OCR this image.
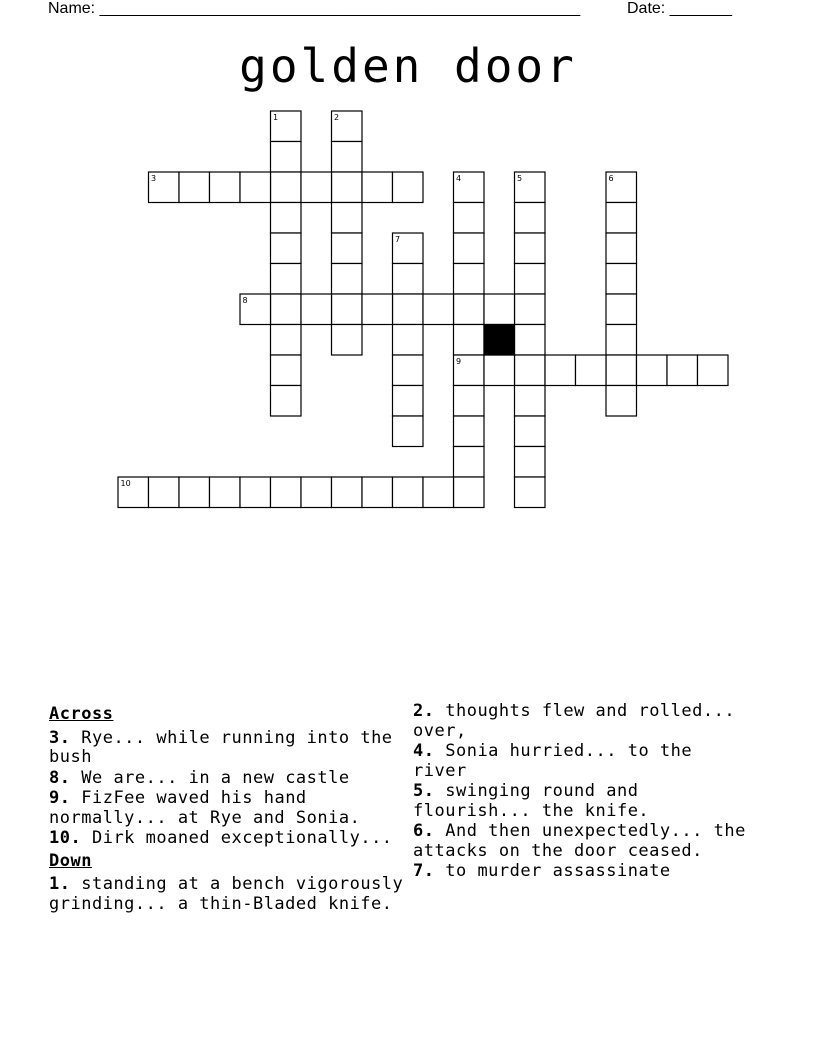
Name: ______________________________________________________	Date: _______
golden door
1	2
3	4	5	6
7
8
9
10
Across
3. Rye... while running into the bush
8. We are... in a new castle
9. FizFee waved his hand normally... at Rye and Sonia.
10. Dirk moaned exceptionally...
Down
1. standing at a bench vigorously grinding... a thin-Bladed knife.
2. thoughts flew and rolled... over,
4. Sonia hurried... to the river
5. swinging round and flourish... the knife.
6. And then unexpectedly... the attacks on the door ceased.
7. to murder assassinate
